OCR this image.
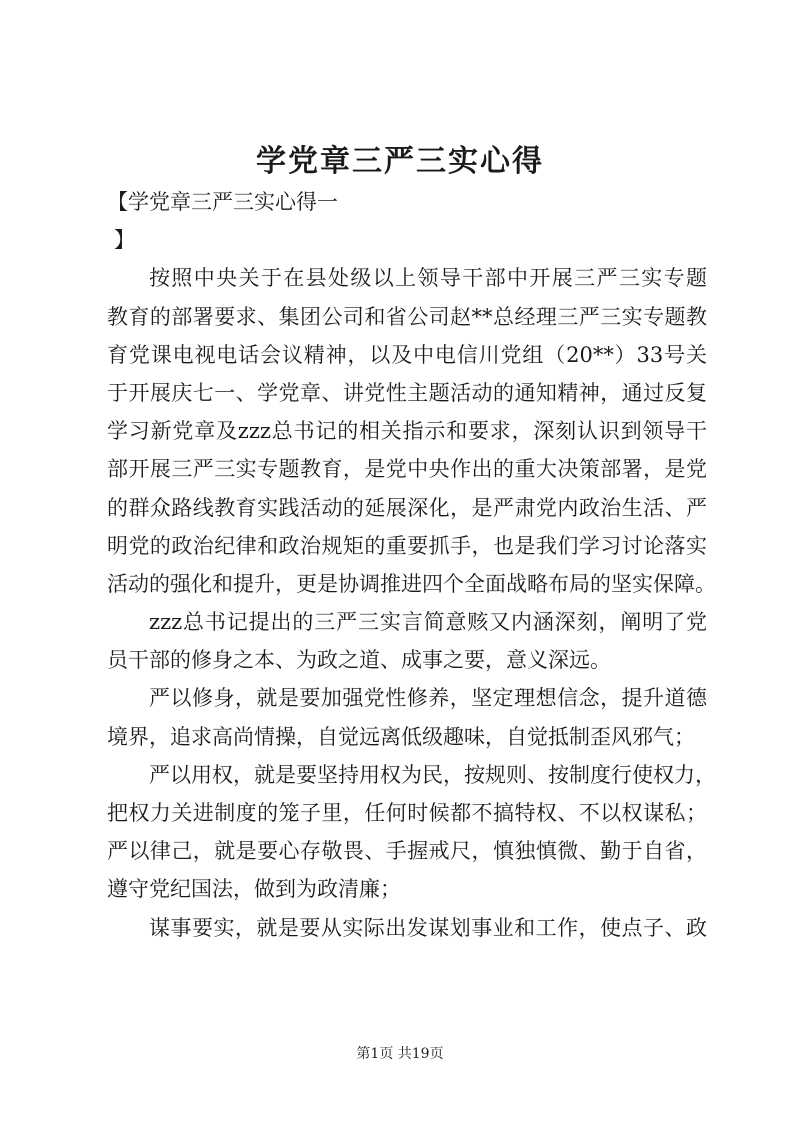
学党章三严三实心得
【学党章三严三实心得一
】
按照中央关于在县处级以上领导干部中开展三严三实专题
教育的部署要求、集团公司和省公司赵**总经理三严三实专题教
育党课电视电话会议精神，以及中电信川党组（20**）33号关
于开展庆七一、学党章、讲党性主题活动的通知精神，通过反复
学习新党章及zzz总书记的相关指示和要求，深刻认识到领导干
部开展三严三实专题教育，是党中央作出的重大决策部署，是党
的群众路线教育实践活动的延展深化，是严肃党内政治生活、严
明党的政治纪律和政治规矩的重要抓手，也是我们学习讨论落实
活动的强化和提升，更是协调推进四个全面战略布局的坚实保障。
zzz总书记提出的三严三实言简意赅又内涵深刻，阐明了党
员干部的修身之本、为政之道、成事之要，意义深远。
严以修身，就是要加强党性修养，坚定理想信念，提升道德
境界，追求高尚情操，自觉远离低级趣味，自觉抵制歪风邪气；
严以用权，就是要坚持用权为民，按规则、按制度行使权力，
把权力关进制度的笼子里，任何时候都不搞特权、不以权谋私；
严以律己，就是要心存敬畏、手握戒尺，慎独慎微、勤于自省，
遵守党纪国法，做到为政清廉；
谋事要实，就是要从实际出发谋划事业和工作，使点子、政
第1页 共19页
